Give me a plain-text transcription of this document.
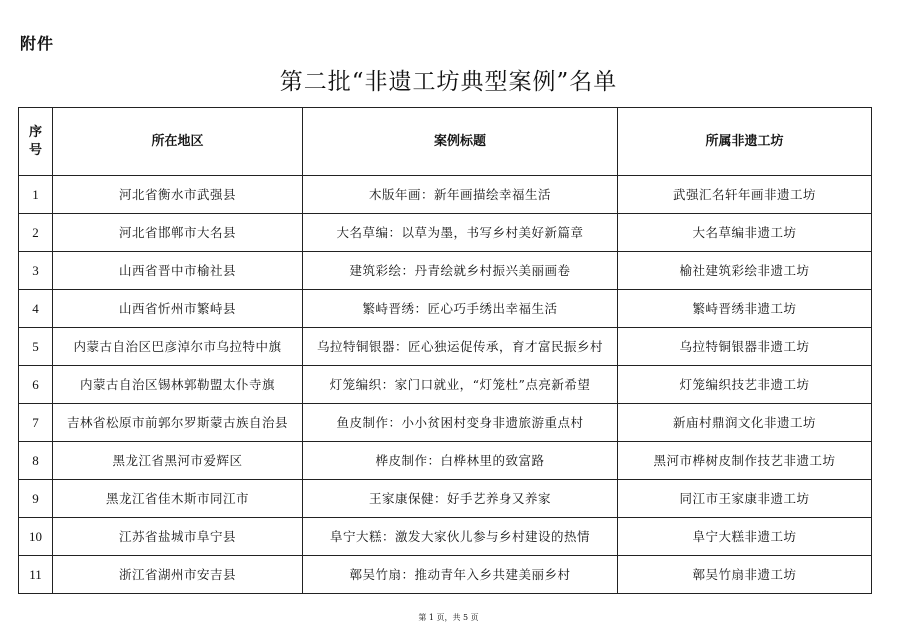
附件
第二批“非遗工坊典型案例”名单
序
号	所在地区	案例标题	所属非遗工坊
1	河北省衡水市武强县	木版年画：新年画描绘幸福生活	武强汇名轩年画非遗工坊
2	河北省邯郸市大名县	大名草编：以草为墨，书写乡村美好新篇章	大名草编非遗工坊
3	山西省晋中市榆社县	建筑彩绘：丹青绘就乡村振兴美丽画卷	榆社建筑彩绘非遗工坊
4	山西省忻州市繁峙县	繁峙晋绣：匠心巧手绣出幸福生活	繁峙晋绣非遗工坊
5	内蒙古自治区巴彦淖尔市乌拉特中旗	乌拉特铜银器：匠心独运促传承，育才富民振乡村	乌拉特铜银器非遗工坊
6	内蒙古自治区锡林郭勒盟太仆寺旗	灯笼编织：家门口就业，“灯笼杜”点亮新希望	灯笼编织技艺非遗工坊
7	吉林省松原市前郭尔罗斯蒙古族自治县	鱼皮制作：小小贫困村变身非遗旅游重点村	新庙村鼎润文化非遗工坊
8	黑龙江省黑河市爱辉区	桦皮制作：白桦林里的致富路	黑河市桦树皮制作技艺非遗工坊
9	黑龙江省佳木斯市同江市	王家康保健：好手艺养身又养家	同江市王家康非遗工坊
10	江苏省盐城市阜宁县	阜宁大糕：激发大家伙儿参与乡村建设的热情	阜宁大糕非遗工坊
11	浙江省湖州市安吉县	鄣吴竹扇：推动青年入乡共建美丽乡村	鄣吴竹扇非遗工坊
第 1 页，共 5 页
